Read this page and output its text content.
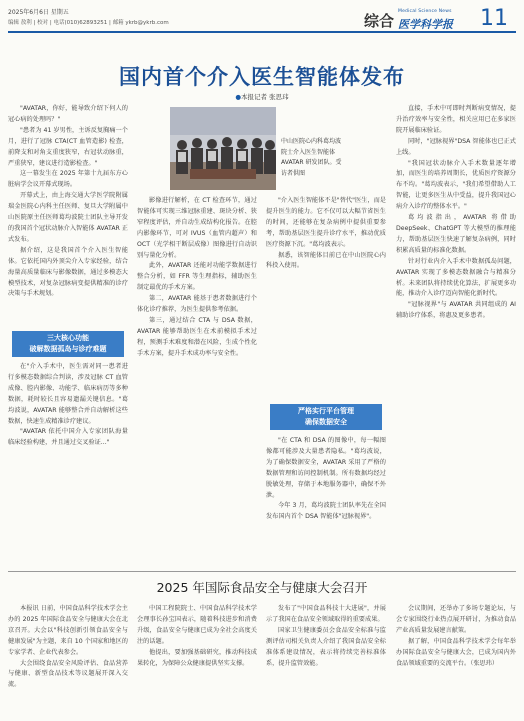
2025年6月6日 星期五
编辑 敖利 | 校对 | 电话(010)62893251 | 邮箱 ykrb@ykrb.com	综合
Medical Science News
医学科学报 11
国内首个介入医生智能体发布
●本报记者 张思玮

"AVATAR，你好，能导致介绍下何人的冠心病的处理吗？"

"患者为 41 岁男性，主诉反复胸痛一个月，进行了冠脉 CTA(CT 血管造影) 检查，前降支和对角支重度狭窄，右冠状动脉重，严重狭窄，建议进行造影检查。"

这一幕发生在 2025 年第十九届东方心脏病学会议开幕式现场。

开幕式上，由上海交通大学医学院附属瑞金医院心内科主任医师、复旦大学附属中山医院原主任医师葛均波院士团队主导开发的我国首个冠状动脉介入智能体 AVATAR 正式发布。

据介绍，这是我国首个介入医生智能体。它依托国内外顶尖介入专家经验，结合海量高质量临床与影像数据，通过多模态大模型技术，对复杂冠脉病变提供精准的诊疗决策与手术规划。

三大核心功能
破解数据孤岛与诊疗难题

在"介入手术中，医生需对同一患者进行多模态数据综合判读，涉及冠脉 CT 血管成像、腔内影像、功能学、临床病历等多种数据，耗时较长且容易遗漏关键信息。"葛均波说，AVATAR 能够整合并自动解析这些数据，快速生成精准诊疗建议。

"AVATAR 依托中国介入专家团队海量临床经验构建，并且通过交叉验证..."

影像进行解析，在 CT 检查环节，通过智能体可实现三维冠脉重建、斑块分析、狭窄程度评估，并自动生成结构化报告。在腔内影像环节，可对 IVUS（血管内超声）和 OCT（光学相干断层成像）图像进行自动识别与量化分析。

此外，AVATAR 还能对功能学数据进行整合分析，如 FFR 等生理指标，辅助医生制定最优的手术方案。

第二，AVATAR 能基于患者数据进行个体化诊疗推荐，为医生提供参考依据。

第三，通过结合 CTA 与 DSA 数据，AVATAR 能够帮助医生在术前模拟手术过程，预测手术难度和潜在风险，生成个性化手术方案，提升手术成功率与安全性。

中山医院心内科葛均波院士介入医生智能体 AVATAR 研发团队。受访者供图

"介入医生智能体不是"替代"医生，而是提升医生的能力。它不仅可以大幅节省医生的时间，还能够在复杂病例中提供重要参考，帮助基层医生提升诊疗水平，推动优质医疗资源下沉。"葛均波表示。

据悉，该智能体目前已在中山医院心内科投入使用。

严格实行平台管理
确保数据安全

"在 CTA 和 DSA 的图像中，每一幅图像都可能涉及大量患者隐私。"葛均波说，为了确保数据安全，AVATAR 采用了严格的数据管理和访问控制机制。所有数据均经过脱敏处理，存储于本地服务器中，确保不外泄。

今年 3 月，葛均波院士团队率先在全国发布国内首个 DSA 智能体"冠脉视界"。

直接，手术中可即时判断病变情况，提升治疗效率与安全性，相关应用已在多家医院开展临床验证。

同时，"冠脉视界"DSA 智能体也已正式上线。

"我国冠状动脉介入手术数量逐年增加，而医生的培养周期长，优质医疗资源分布不均。"葛均波表示，"我们希望借助人工智能，让更多医生从中受益，提升我国冠心病介入诊疗的整体水平。"

葛均波指出，AVATAR 将借助 DeepSeek、ChatGPT 等大模型的推理能力，帮助基层医生快速了解复杂病例，同时积累高质量的标准化数据。

针对行业内介入手术中数据孤岛问题，AVATAR 实现了多模态数据融合与精准分析。未来团队将持续优化算法，扩展更多功能，推动介入诊疗迈向智能化新时代。

"冠脉视界"与 AVATAR 共同组成的 AI 辅助诊疗体系，将惠及更多患者。

2025 年国际食品安全与健康大会召开

本报讯 日前，中国食品科学技术学会主办的 2025 年国际食品安全与健康大会在北京召开。大会以"科技创新引领食品安全与健康发展"为主题，来自 10 个国家和地区的专家学者、企业代表参会。

大会围绕食品安全风险评估、食品营养与健康、新型食品技术等议题展开深入交流。

中国工程院院士、中国食品科学技术学会理事长孙宝国表示，随着科技进步和消费升级，食品安全与健康已成为全社会高度关注的话题。

他提出，要加强基础研究，推动科技成果转化，为保障公众健康提供坚实支撑。

发布了"中国食品科技十大进展"，并展示了我国在食品安全领域取得的重要成果。

国家卫生健康委员会食品安全标准与监测评估司相关负责人介绍了我国食品安全标准体系建设情况，表示将持续完善标准体系，提升监管效能。

会议期间，还举办了多场专题论坛，与会专家围绕行业热点展开研讨，为推动食品产业高质量发展建言献策。

据了解，中国食品科学技术学会每年举办国际食品安全与健康大会，已成为国内外食品领域重要的交流平台。（张思玮）
